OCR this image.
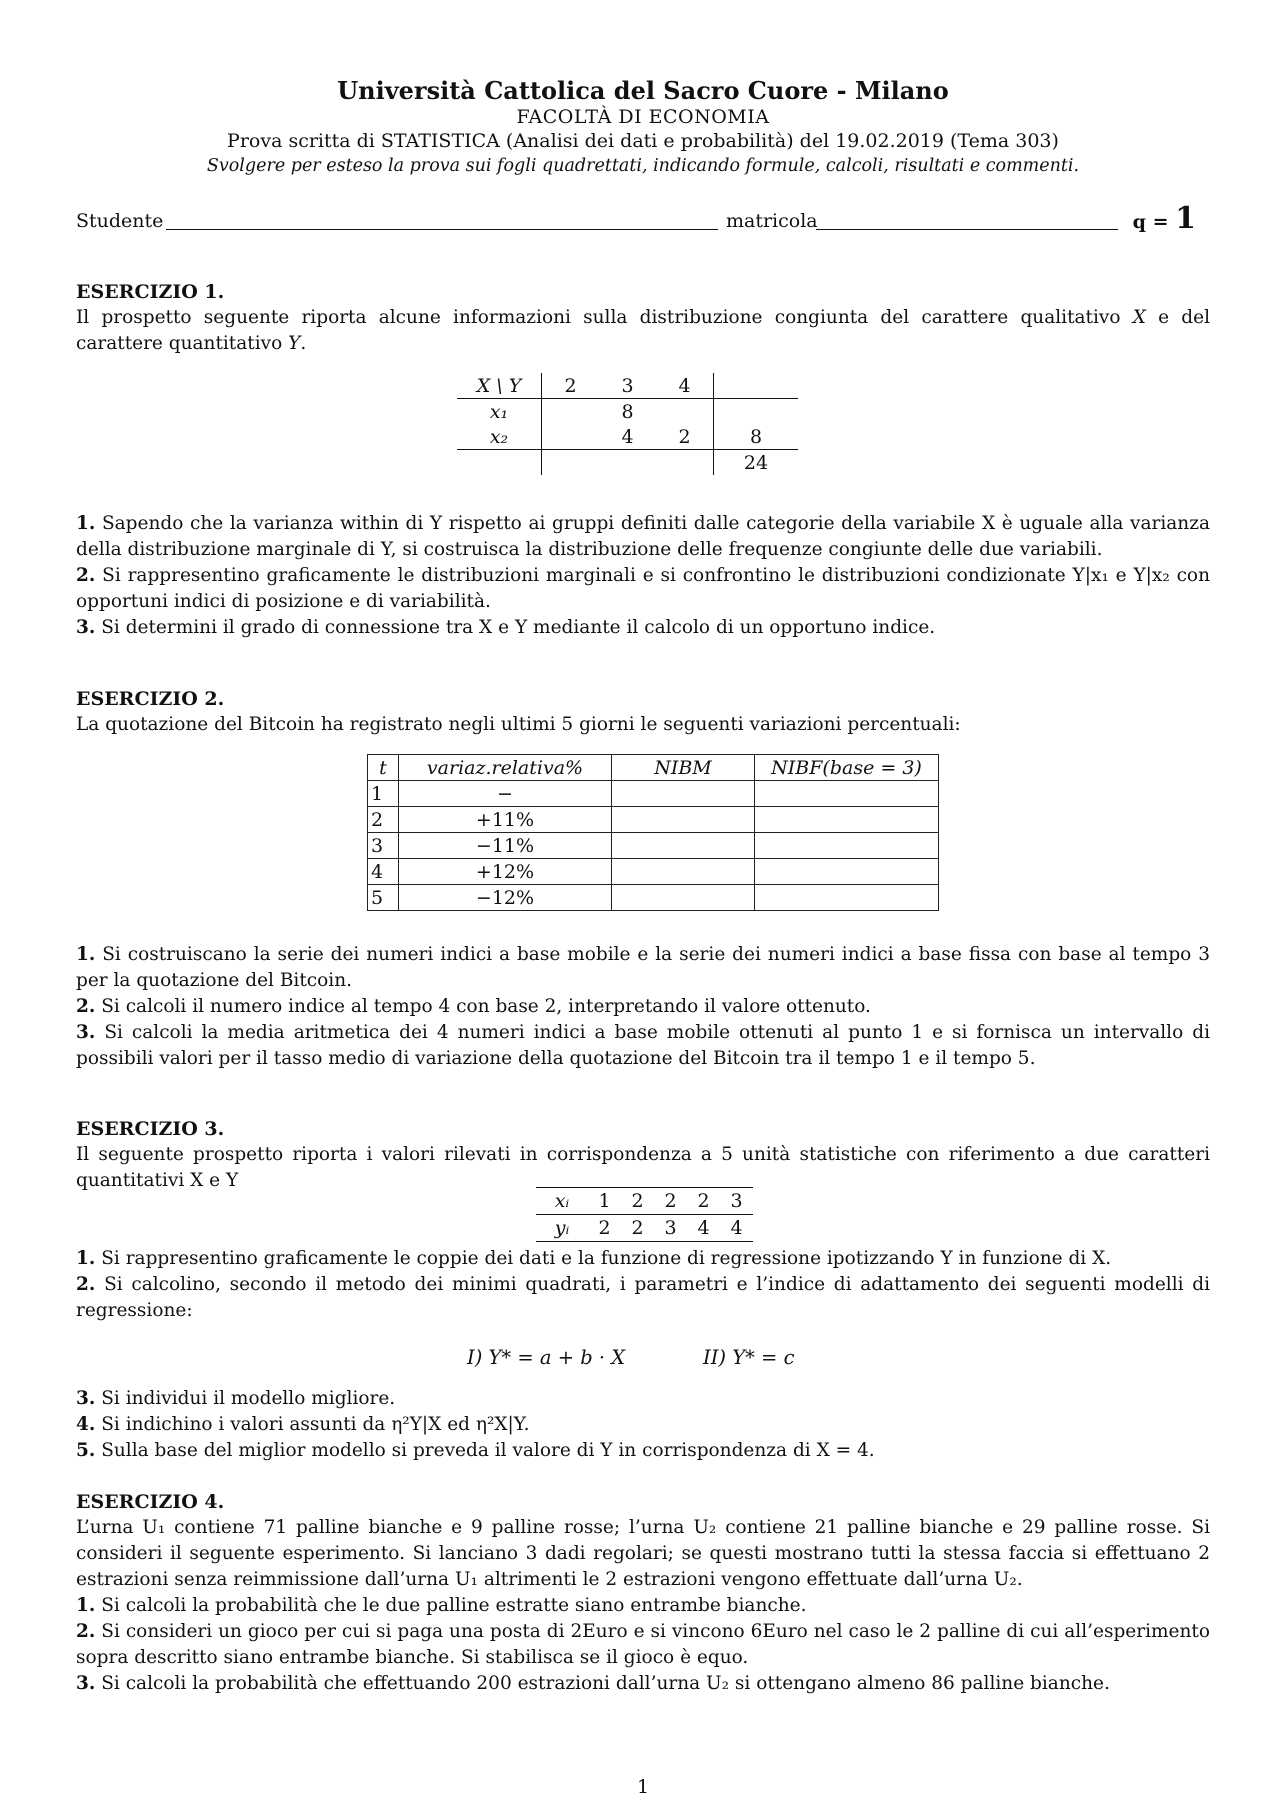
Università Cattolica del Sacro Cuore - Milano
FACOLTÀ DI ECONOMIA
Prova scritta di STATISTICA (Analisi dei dati e probabilità) del 19.02.2019 (Tema 303)
Svolgere per esteso la prova sui fogli quadrettati, indicando formule, calcoli, risultati e commenti.
Studente	matricola	q = 1
ESERCIZIO 1.
Il prospetto seguente riporta alcune informazioni sulla distribuzione congiunta del carattere qualitativo X e del carattere quantitativo Y.
X \ Y	2	3	4	
x₁		8		
x₂		4	2	8
				24
1. Sapendo che la varianza within di Y rispetto ai gruppi definiti dalle categorie della variabile X è uguale alla varianza della distribuzione marginale di Y, si costruisca la distribuzione delle frequenze congiunte delle due variabili.
2. Si rappresentino graficamente le distribuzioni marginali e si confrontino le distribuzioni condizionate Y|x₁ e Y|x₂ con opportuni indici di posizione e di variabilità.
3. Si determini il grado di connessione tra X e Y mediante il calcolo di un opportuno indice.
ESERCIZIO 2.
La quotazione del Bitcoin ha registrato negli ultimi 5 giorni le seguenti variazioni percentuali:
t	variaz.relativa%	NIBM	NIBF(base = 3)
1	−		
2	+11%		
3	−11%		
4	+12%		
5	−12%		
1. Si costruiscano la serie dei numeri indici a base mobile e la serie dei numeri indici a base fissa con base al tempo 3 per la quotazione del Bitcoin.
2. Si calcoli il numero indice al tempo 4 con base 2, interpretando il valore ottenuto.
3. Si calcoli la media aritmetica dei 4 numeri indici a base mobile ottenuti al punto 1 e si fornisca un intervallo di possibili valori per il tasso medio di variazione della quotazione del Bitcoin tra il tempo 1 e il tempo 5.
ESERCIZIO 3.
Il seguente prospetto riporta i valori rilevati in corrispondenza a 5 unità statistiche con riferimento a due caratteri quantitativi X e Y
xᵢ	1	2	2	2	3
yᵢ	2	2	3	4	4
1. Si rappresentino graficamente le coppie dei dati e la funzione di regressione ipotizzando Y in funzione di X.
2. Si calcolino, secondo il metodo dei minimi quadrati, i parametri e l’indice di adattamento dei seguenti modelli di regressione:
I) Y* = a + b · X	II) Y* = c
3. Si individui il modello migliore.
4. Si indichino i valori assunti da η²Y|X ed η²X|Y.
5. Sulla base del miglior modello si preveda il valore di Y in corrispondenza di X = 4.
ESERCIZIO 4.
L’urna U₁ contiene 71 palline bianche e 9 palline rosse; l’urna U₂ contiene 21 palline bianche e 29 palline rosse. Si consideri il seguente esperimento. Si lanciano 3 dadi regolari; se questi mostrano tutti la stessa faccia si effettuano 2 estrazioni senza reimmissione dall’urna U₁ altrimenti le 2 estrazioni vengono effettuate dall’urna U₂.
1. Si calcoli la probabilità che le due palline estratte siano entrambe bianche.
2. Si consideri un gioco per cui si paga una posta di 2Euro e si vincono 6Euro nel caso le 2 palline di cui all’esperimento sopra descritto siano entrambe bianche. Si stabilisca se il gioco è equo.
3. Si calcoli la probabilità che effettuando 200 estrazioni dall’urna U₂ si ottengano almeno 86 palline bianche.
1
